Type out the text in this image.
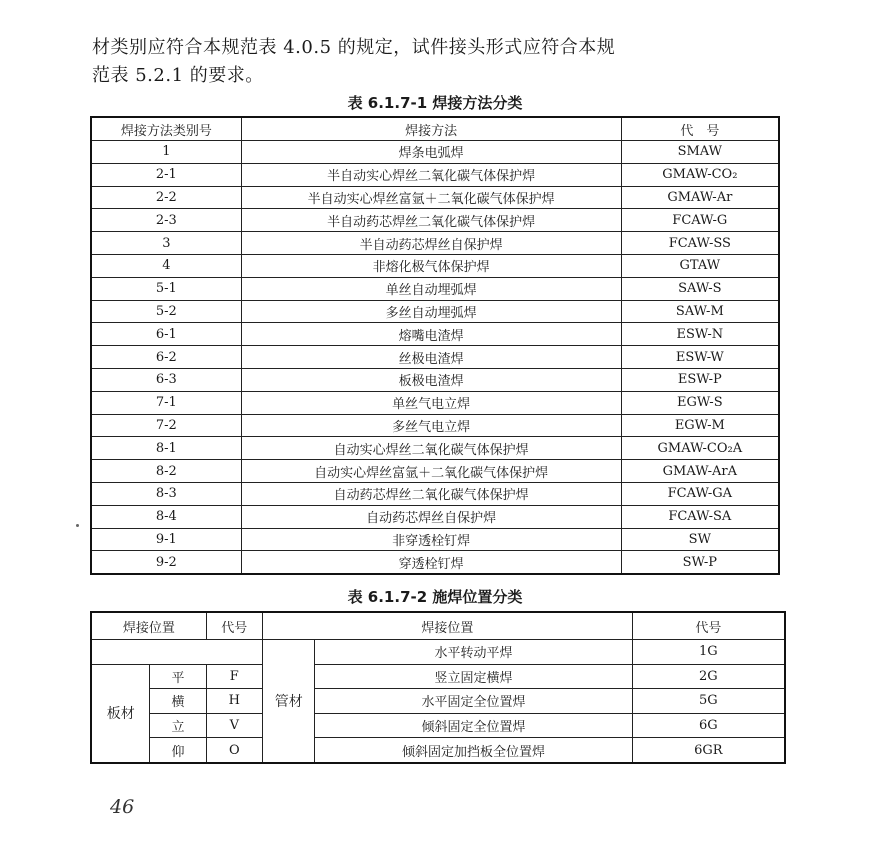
材类别应符合本规范表 4.0.5 的规定，试件接头形式应符合本规
范表 5.2.1 的要求。
表 6.1.7-1 焊接方法分类
焊接方法类别号	焊接方法	代　号
1	焊条电弧焊	SMAW
2-1	半自动实心焊丝二氧化碳气体保护焊	GMAW-CO₂
2-2	半自动实心焊丝富氩＋二氧化碳气体保护焊	GMAW-Ar
2-3	半自动药芯焊丝二氧化碳气体保护焊	FCAW-G
3	半自动药芯焊丝自保护焊	FCAW-SS
4	非熔化极气体保护焊	GTAW
5-1	单丝自动埋弧焊	SAW-S
5-2	多丝自动埋弧焊	SAW-M
6-1	熔嘴电渣焊	ESW-N
6-2	丝极电渣焊	ESW-W
6-3	板极电渣焊	ESW-P
7-1	单丝气电立焊	EGW-S
7-2	多丝气电立焊	EGW-M
8-1	自动实心焊丝二氧化碳气体保护焊	GMAW-CO₂A
8-2	自动实心焊丝富氩＋二氧化碳气体保护焊	GMAW-ArA
8-3	自动药芯焊丝二氧化碳气体保护焊	FCAW-GA
8-4	自动药芯焊丝自保护焊	FCAW-SA
9-1	非穿透栓钉焊	SW
9-2	穿透栓钉焊	SW-P
表 6.1.7-2 施焊位置分类
焊接位置		代号	焊接位置		代号
			管材	水平转动平焊	1G
板材	平	F		竖立固定横焊	2G
	横	H		水平固定全位置焊	5G
	立	V		倾斜固定全位置焊	6G
	仰	O		倾斜固定加挡板全位置焊	6GR
46
